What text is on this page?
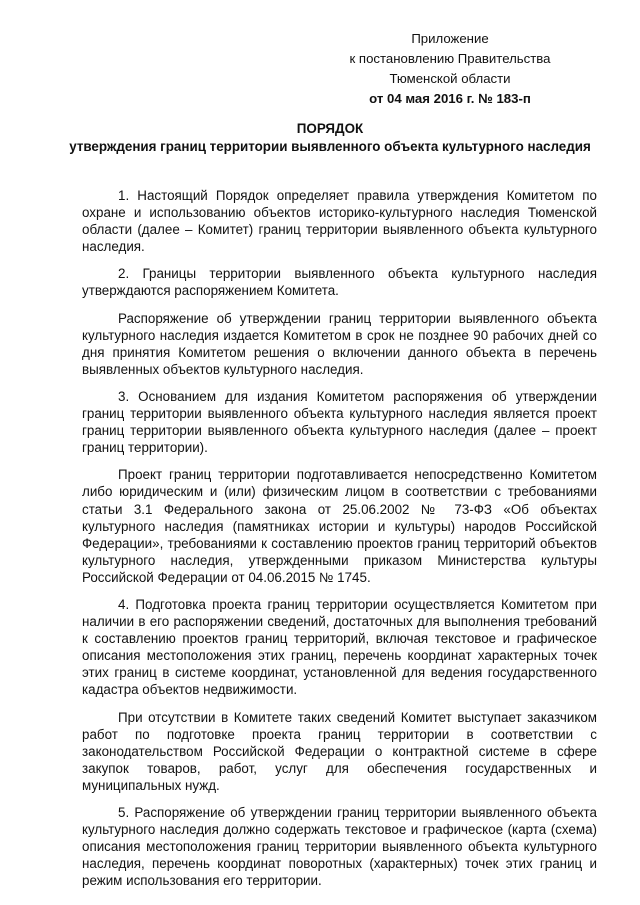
Приложение
к постановлению Правительства
Тюменской области
от 04 мая 2016 г. № 183-п
ПОРЯДОК
утверждения границ территории выявленного объекта культурного наследия

1. Настоящий Порядок определяет правила утверждения Комитетом по охране и использованию объектов историко-культурного наследия Тюменской области (далее – Комитет) границ территории выявленного объекта культурного наследия.

2. Границы территории выявленного объекта культурного наследия утверждаются распоряжением Комитета.

Распоряжение об утверждении границ территории выявленного объекта культурного наследия издается Комитетом в срок не позднее 90 рабочих дней со дня принятия Комитетом решения о включении данного объекта в перечень выявленных объектов культурного наследия.

3. Основанием для издания Комитетом распоряжения об утверждении границ территории выявленного объекта культурного наследия является проект границ территории выявленного объекта культурного наследия (далее – проект границ территории).

Проект границ территории подготавливается непосредственно Комитетом либо юридическим и (или) физическим лицом в соответствии с требованиями статьи 3.1 Федерального закона от 25.06.2002 № 73-ФЗ «Об объектах культурного наследия (памятниках истории и культуры) народов Российской Федерации», требованиями к составлению проектов границ территорий объектов культурного наследия, утвержденными приказом Министерства культуры Российской Федерации от 04.06.2015 № 1745.

4. Подготовка проекта границ территории осуществляется Комитетом при наличии в его распоряжении сведений, достаточных для выполнения требований к составлению проектов границ территорий, включая текстовое и графическое описания местоположения этих границ, перечень координат характерных точек этих границ в системе координат, установленной для ведения государственного кадастра объектов недвижимости.

При отсутствии в Комитете таких сведений Комитет выступает заказчиком работ по подготовке проекта границ территории в соответствии с законодательством Российской Федерации о контрактной системе в сфере закупок товаров, работ, услуг для обеспечения государственных и муниципальных нужд.

5. Распоряжение об утверждении границ территории выявленного объекта культурного наследия должно содержать текстовое и графическое (карта (схема) описания местоположения границ территории выявленного объекта культурного наследия, перечень координат поворотных (характерных) точек этих границ и режим использования его территории.
